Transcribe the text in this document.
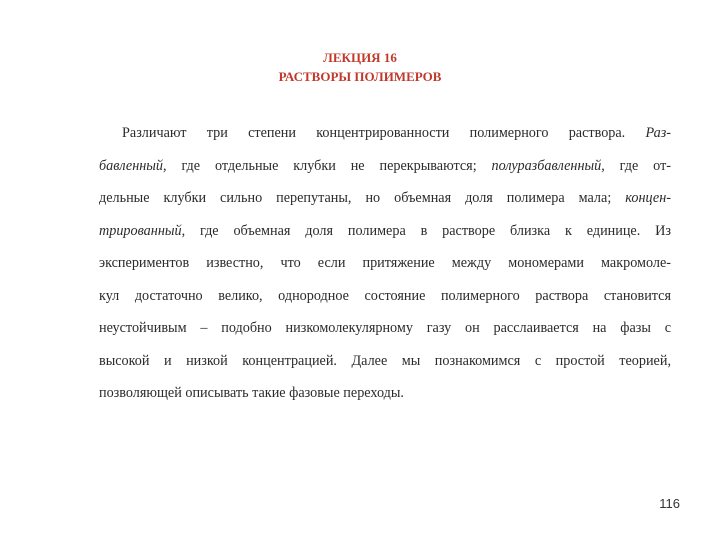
ЛЕКЦИЯ 16
РАСТВОРЫ ПОЛИМЕРОВ
Различают три степени концентрированности полимерного раствора. Раз-
бавленный, где отдельные клубки не перекрываются; полуразбавленный, где от-
дельные клубки сильно перепутаны, но объемная доля полимера мала; концен-
трированный, где объемная доля полимера в растворе близка к единице. Из
экспериментов известно, что если притяжение между мономерами макромоле-
кул достаточно велико, однородное состояние полимерного раствора становится
неустойчивым – подобно низкомолекулярному газу он расслаивается на фазы с
высокой и низкой концентрацией. Далее мы познакомимся с простой теорией,
позволяющей описывать такие фазовые переходы.
116
